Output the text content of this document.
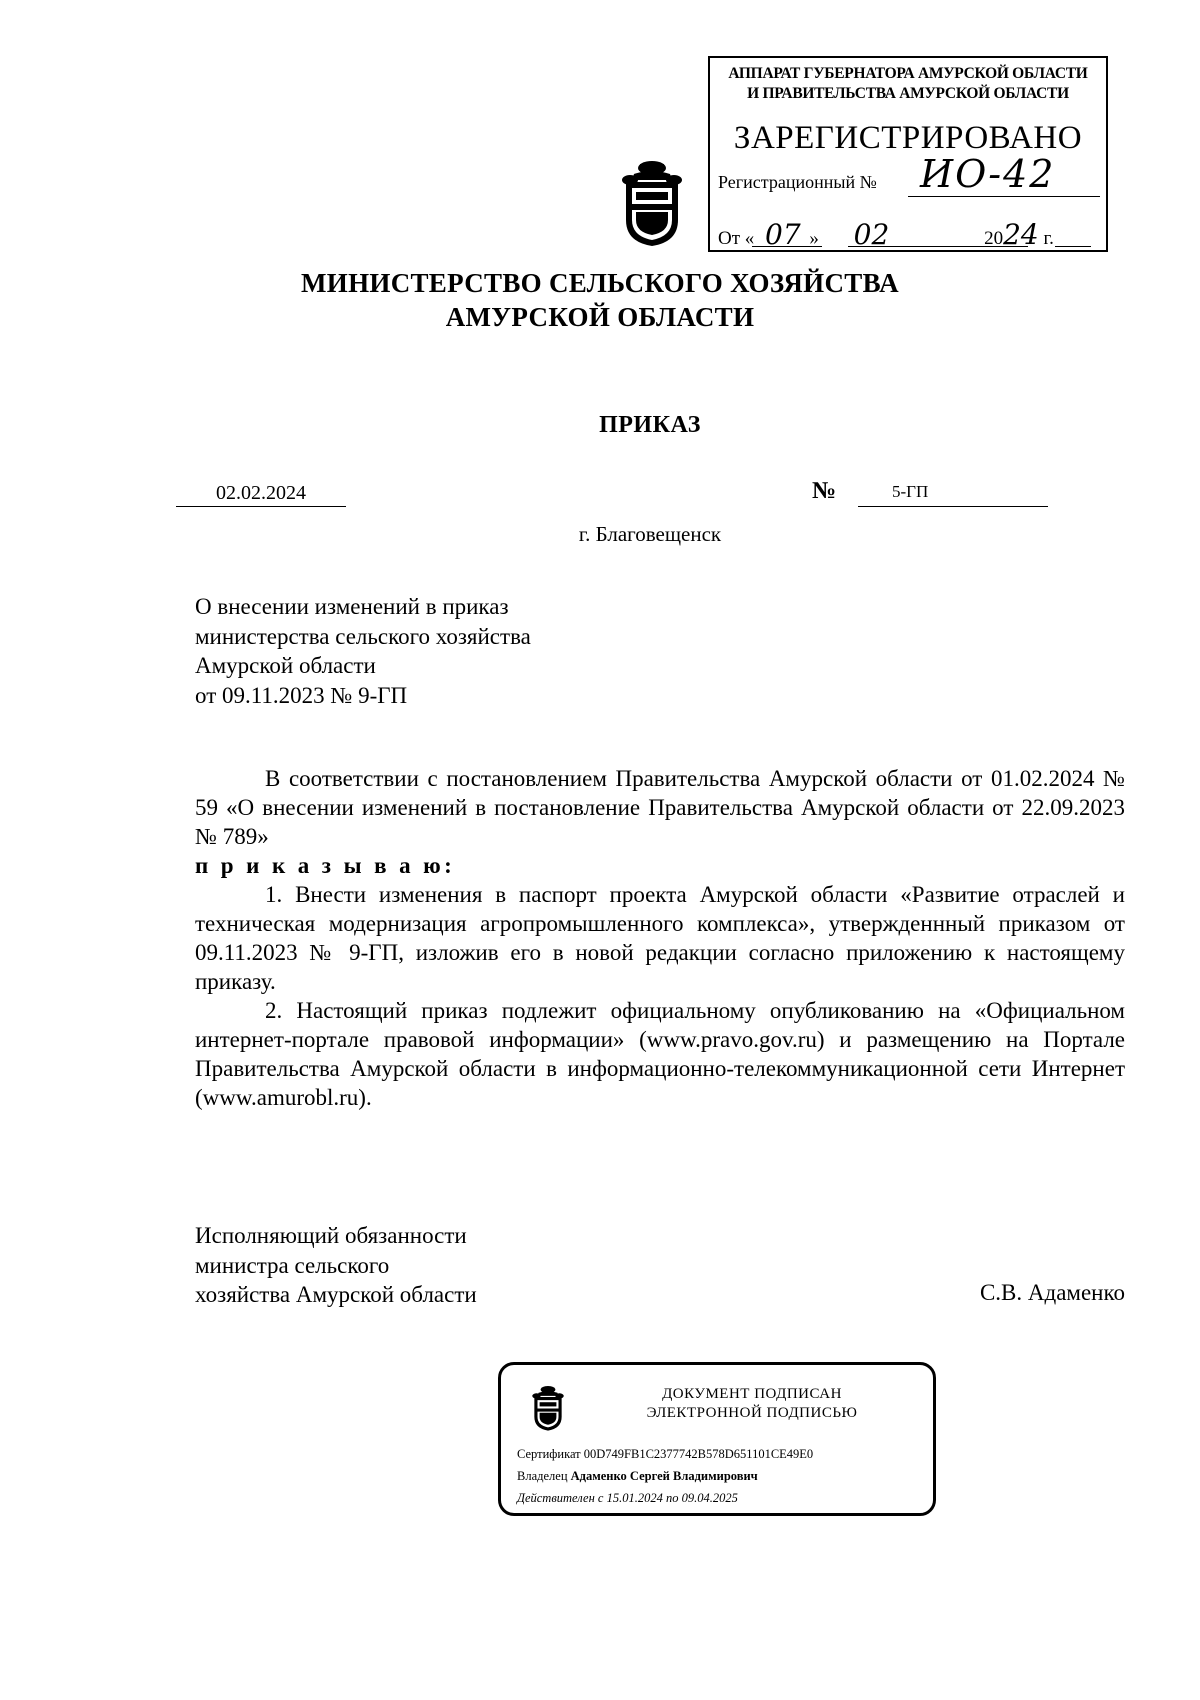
АППАРАТ ГУБЕРНАТОРА АМУРСКОЙ ОБЛАСТИ
И ПРАВИТЕЛЬСТВА АМУРСКОЙ ОБЛАСТИ
ЗАРЕГИСТРИРОВАНО
Регистрационный № ИО-42
От « 07 » 02	2024 г.
МИНИСТЕРСТВО СЕЛЬСКОГО ХОЗЯЙСТВА
АМУРСКОЙ ОБЛАСТИ
ПРИКАЗ
02.02.2024	№	5-ГП
г. Благовещенск
О внесении изменений в приказ
министерства сельского хозяйства
Амурской области
от 09.11.2023 № 9-ГП

В соответствии с постановлением Правительства Амурской области от 01.02.2024 № 59 «О внесении изменений в постановление Правительства Амурской области от 22.09.2023 № 789»

п р и к а з ы в а ю:

1. Внести изменения в паспорт проекта Амурской области «Развитие отраслей и техническая модернизация агропромышленного комплекса», утвержденнный приказом от 09.11.2023 № 9-ГП, изложив его в новой редакции согласно приложению к настоящему приказу.

2. Настоящий приказ подлежит официальному опубликованию на «Официальном интернет-портале правовой информации» (www.pravo.gov.ru) и размещению на Портале Правительства Амурской области в информационно-телекоммуникационной сети Интернет (www.amurobl.ru).

Исполняющий обязанности
министра сельского
хозяйства Амурской области	С.В. Адаменко
ДОКУМЕНТ ПОДПИСАН
ЭЛЕКТРОННОЙ ПОДПИСЬЮ
Сертификат 00D749FB1C2377742B578D651101CE49E0
Владелец Адаменко Сергей Владимирович
Действителен с 15.01.2024 по 09.04.2025
